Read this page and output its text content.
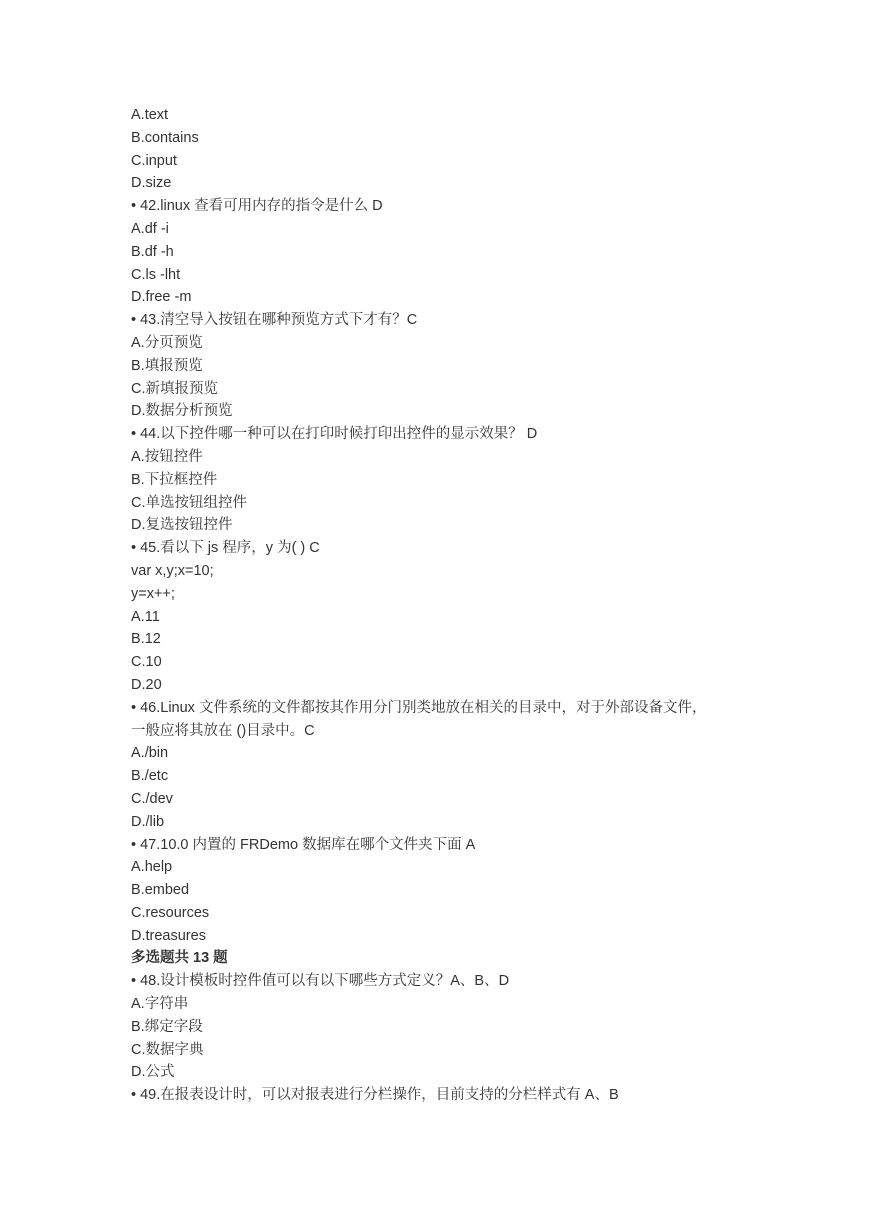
A.text
B.contains
C.input
D.size
• 42.linux 查看可用内存的指令是什么 D
A.df -i
B.df -h
C.ls -lht
D.free -m
• 43.清空导入按钮在哪种预览方式下才有？C
A.分页预览
B.填报预览
C.新填报预览
D.数据分析预览
• 44.以下控件哪一种可以在打印时候打印出控件的显示效果？ D
A.按钮控件
B.下拉框控件
C.单选按钮组控件
D.复选按钮控件
• 45.看以下 js 程序，y 为( ) C
var x,y;x=10;
y=x++;
A.11
B.12
C.10
D.20
• 46.Linux 文件系统的文件都按其作用分门别类地放在相关的目录中，对于外部设备文件，
一般应将其放在 ()目录中。C
A./bin
B./etc
C./dev
D./lib
• 47.10.0 内置的 FRDemo 数据库在哪个文件夹下面 A
A.help
B.embed
C.resources
D.treasures
多选题共 13 题
• 48.设计模板时控件值可以有以下哪些方式定义？A、B、D
A.字符串
B.绑定字段
C.数据字典
D.公式
• 49.在报表设计时，可以对报表进行分栏操作，目前支持的分栏样式有 A、B
